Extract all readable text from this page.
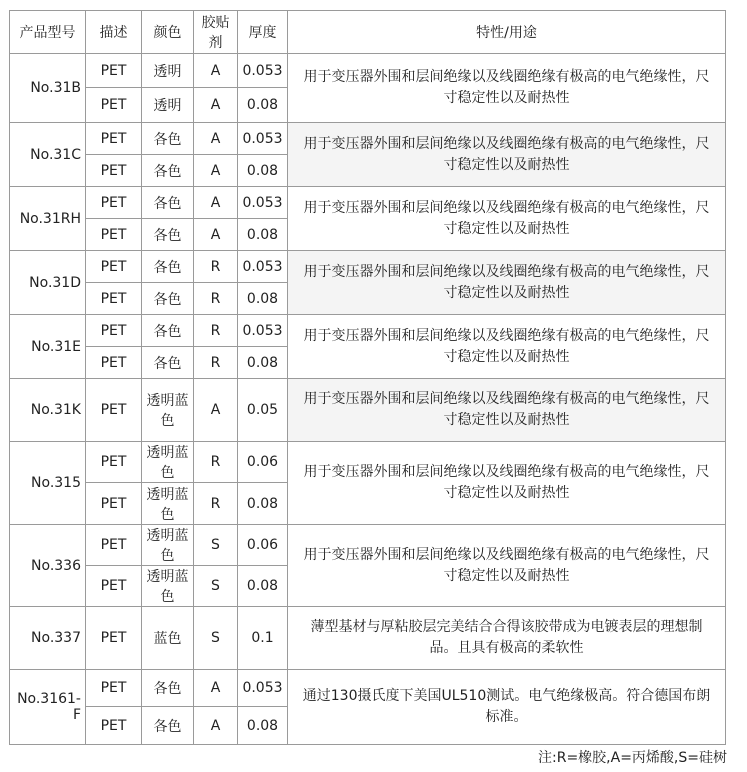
产品型号	描述	颜色	胶贴剂	厚度	特性/用途
No.31B	PET	透明	A	0.053	用于变压器外围和层间绝缘以及线圈绝缘有极高的电气绝缘性，尺寸稳定性以及耐热性
	PET	透明	A	0.08	
No.31C	PET	各色	A	0.053	用于变压器外围和层间绝缘以及线圈绝缘有极高的电气绝缘性，尺寸稳定性以及耐热性
	PET	各色	A	0.08	
No.31RH	PET	各色	A	0.053	用于变压器外围和层间绝缘以及线圈绝缘有极高的电气绝缘性，尺寸稳定性以及耐热性
	PET	各色	A	0.08	
No.31D	PET	各色	R	0.053	用于变压器外围和层间绝缘以及线圈绝缘有极高的电气绝缘性，尺寸稳定性以及耐热性
	PET	各色	R	0.08	
No.31E	PET	各色	R	0.053	用于变压器外围和层间绝缘以及线圈绝缘有极高的电气绝缘性，尺寸稳定性以及耐热性
	PET	各色	R	0.08	
No.31K	PET	透明蓝色	A	0.05	用于变压器外围和层间绝缘以及线圈绝缘有极高的电气绝缘性，尺寸稳定性以及耐热性
No.315	PET	透明蓝色	R	0.06	用于变压器外围和层间绝缘以及线圈绝缘有极高的电气绝缘性，尺寸稳定性以及耐热性
	PET	透明蓝色	R	0.08	
No.336	PET	透明蓝色	S	0.06	用于变压器外围和层间绝缘以及线圈绝缘有极高的电气绝缘性，尺寸稳定性以及耐热性
	PET	透明蓝色	S	0.08	
No.337	PET	蓝色	S	0.1	薄型基材与厚粘胶层完美结合合得该胶带成为电镀表层的理想制品。且具有极高的柔软性
No.3161-F	PET	各色	A	0.053	通过130摄氏度下美国UL510测试。电气绝缘极高。符合德国布朗标准。
	PET	各色	A	0.08	
注:R=橡胶,A=丙烯酸,S=硅树
